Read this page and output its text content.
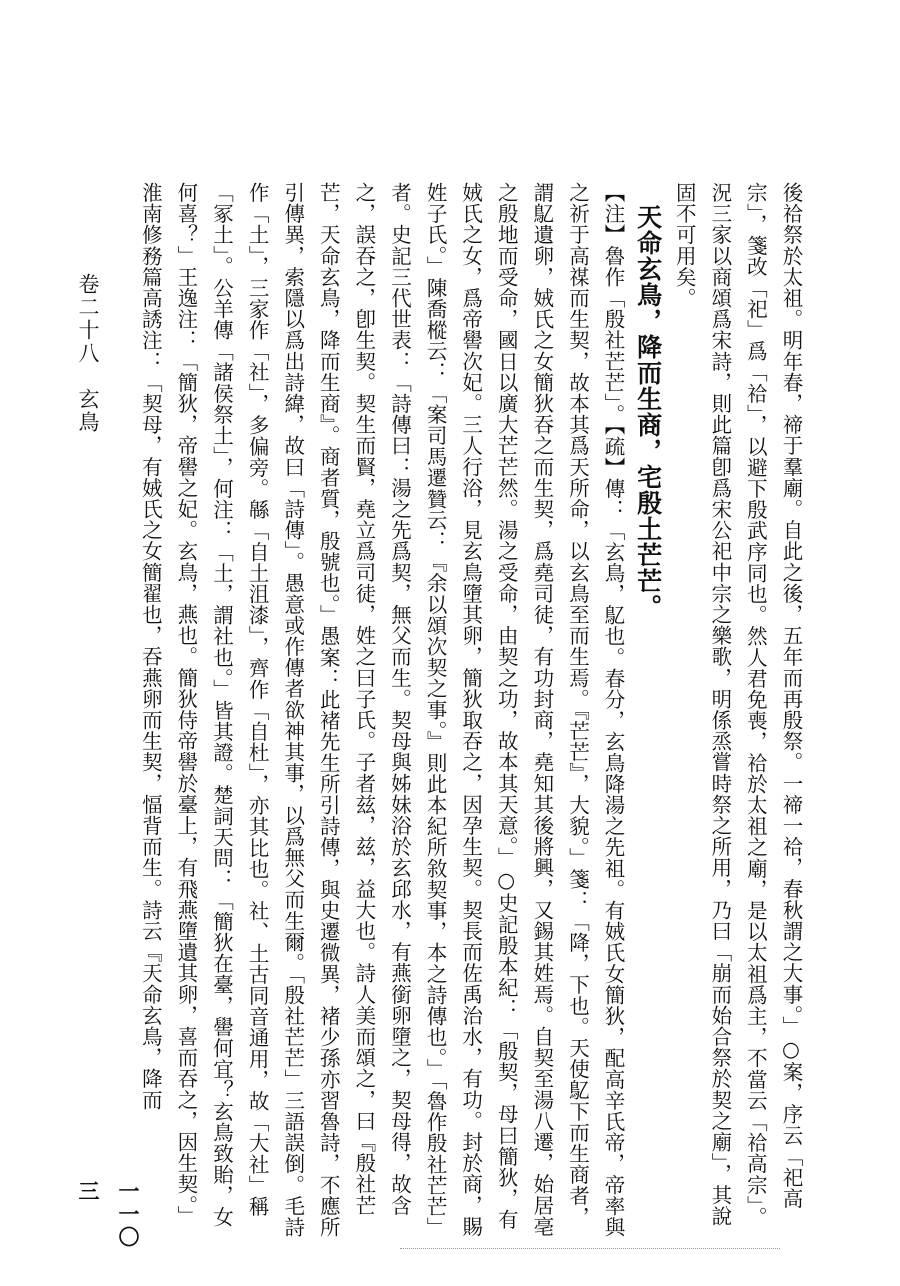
後祫祭於太祖。明年春，禘于羣廟。自此之後，五年而再殷祭。一禘一祫，春秋謂之大事。」○案，序云「祀高宗」，箋改「祀」爲「祫」，以避下殷武序同也。然人君免喪，祫於太祖之廟，是以太祖爲主，不當云「祫高宗」。況三家以商頌爲宋詩，則此篇卽爲宋公祀中宗之樂歌，明係烝嘗時祭之所用，乃曰「崩而始合祭於契之廟」，其說固不可用矣。

天命玄鳥，降而生商，宅殷土芒芒。

【注】魯作「殷社芒芒」。【疏】傳：「玄鳥，鳦也。春分，玄鳥降湯之先祖。有娀氏女簡狄，配高辛氏帝，帝率與之祈于高禖而生契，故本其爲天所命，以玄鳥至而生焉。『芒芒』，大貌。」箋：「降，下也。天使鳦下而生商者，謂鳦遺卵，娀氏之女簡狄吞之而生契，爲堯司徒，有功封商，堯知其後將興，又錫其姓焉。自契至湯八遷，始居亳之殷地而受命，國日以廣大芒芒然。湯之受命，由契之功，故本其天意。」○史記殷本紀：「殷契，母曰簡狄，有娀氏之女，爲帝嚳次妃。三人行浴，見玄鳥墮其卵，簡狄取吞之，因孕生契。契長而佐禹治水，有功。封於商，賜姓子氏。」陳喬樅云：「案司馬遷贊云：『余以頌次契之事。』則此本紀所敘契事，本之詩傳也。」「魯作殷社芒芒」者。史記三代世表：「詩傳曰：湯之先爲契，無父而生。契母與姊妹浴於玄邱水，有燕銜卵墮之，契母得，故含之，誤吞之，卽生契。契生而賢，堯立爲司徒，姓之曰子氏。子者兹，兹，益大也。詩人美而頌之，曰『殷社芒芒，天命玄鳥，降而生商』。商者質，殷號也。」愚案：此褚先生所引詩傳，與史遷微異，褚少孫亦習魯詩，不應所引傳異，索隱以爲出詩緯，故曰「詩傳」。愚意或作傳者欲神其事，以爲無父而生爾。「殷社芒芒」三語誤倒。毛詩作「土」，三家作「社」，多偏旁。緜「自土沮漆」，齊作「自杜」，亦其比也。社、土古同音通用，故「大社」稱「冢土」。公羊傳「諸侯祭土」，何注：「土，謂社也。」皆其證。楚詞天問：「簡狄在臺，嚳何宜？玄鳥致貽，女何喜？」王逸注：「簡狄，帝嚳之妃。玄鳥，燕也。簡狄侍帝嚳於臺上，有飛燕墮遺其卵，喜而吞之，因生契。」淮南修務篇高誘注：「契母，有娀氏之女簡翟也，吞燕卵而生契，愊背而生。詩云『天命玄鳥，降而

卷二十八　玄鳥
一一〇三
